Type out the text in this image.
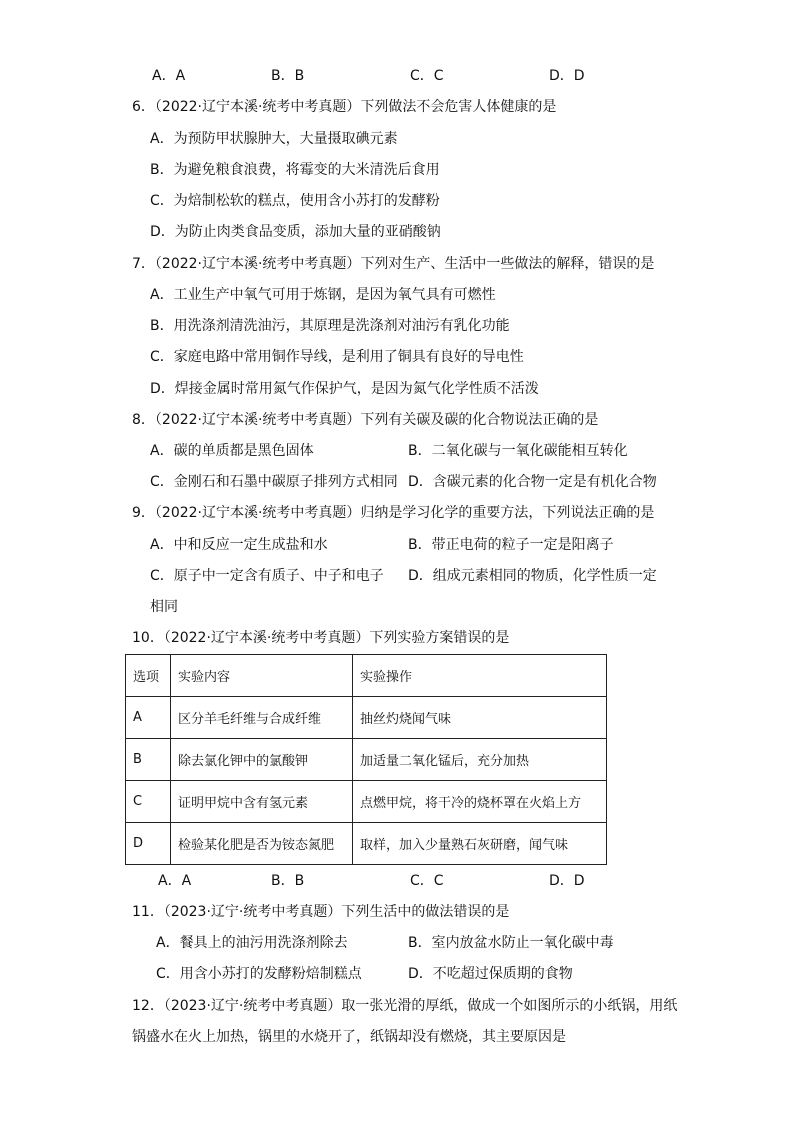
A．A	B．B	C．C	D．D
6．（2022·辽宁本溪·统考中考真题）下列做法不会危害人体健康的是
A．为预防甲状腺肿大，大量摄取碘元素
B．为避免粮食浪费，将霉变的大米清洗后食用
C．为焙制松软的糕点，使用含小苏打的发酵粉
D．为防止肉类食品变质，添加大量的亚硝酸钠
7．（2022·辽宁本溪·统考中考真题）下列对生产、生活中一些做法的解释，错误的是
A．工业生产中氧气可用于炼钢，是因为氧气具有可燃性
B．用洗涤剂清洗油污，其原理是洗涤剂对油污有乳化功能
C．家庭电路中常用铜作导线，是利用了铜具有良好的导电性
D．焊接金属时常用氮气作保护气，是因为氮气化学性质不活泼
8．（2022·辽宁本溪·统考中考真题）下列有关碳及碳的化合物说法正确的是
A．碳的单质都是黑色固体	B．二氧化碳与一氧化碳能相互转化
C．金刚石和石墨中碳原子排列方式相同 D．含碳元素的化合物一定是有机化合物
9．（2022·辽宁本溪·统考中考真题）归纳是学习化学的重要方法，下列说法正确的是
A．中和反应一定生成盐和水	B．带正电荷的粒子一定是阳离子
C．原子中一定含有质子、中子和电子 D．组成元素相同的物质，化学性质一定
相同
10．（2022·辽宁本溪·统考中考真题）下列实验方案错误的是
选项	实验内容	实验操作
A	区分羊毛纤维与合成纤维	抽丝灼烧闻气味
B	除去氯化钾中的氯酸钾	加适量二氧化锰后，充分加热
C	证明甲烷中含有氢元素	点燃甲烷，将干冷的烧杯罩在火焰上方
D	检验某化肥是否为铵态氮肥	取样，加入少量熟石灰研磨，闻气味
A．A	B．B	C．C	D．D
11．（2023·辽宁·统考中考真题）下列生活中的做法错误的是
A．餐具上的油污用洗涤剂除去	B．室内放盆水防止一氧化碳中毒
C．用含小苏打的发酵粉焙制糕点	D．不吃超过保质期的食物
12．（2023·辽宁·统考中考真题）取一张光滑的厚纸，做成一个如图所示的小纸锅，用纸
锅盛水在火上加热，锅里的水烧开了，纸锅却没有燃烧，其主要原因是
